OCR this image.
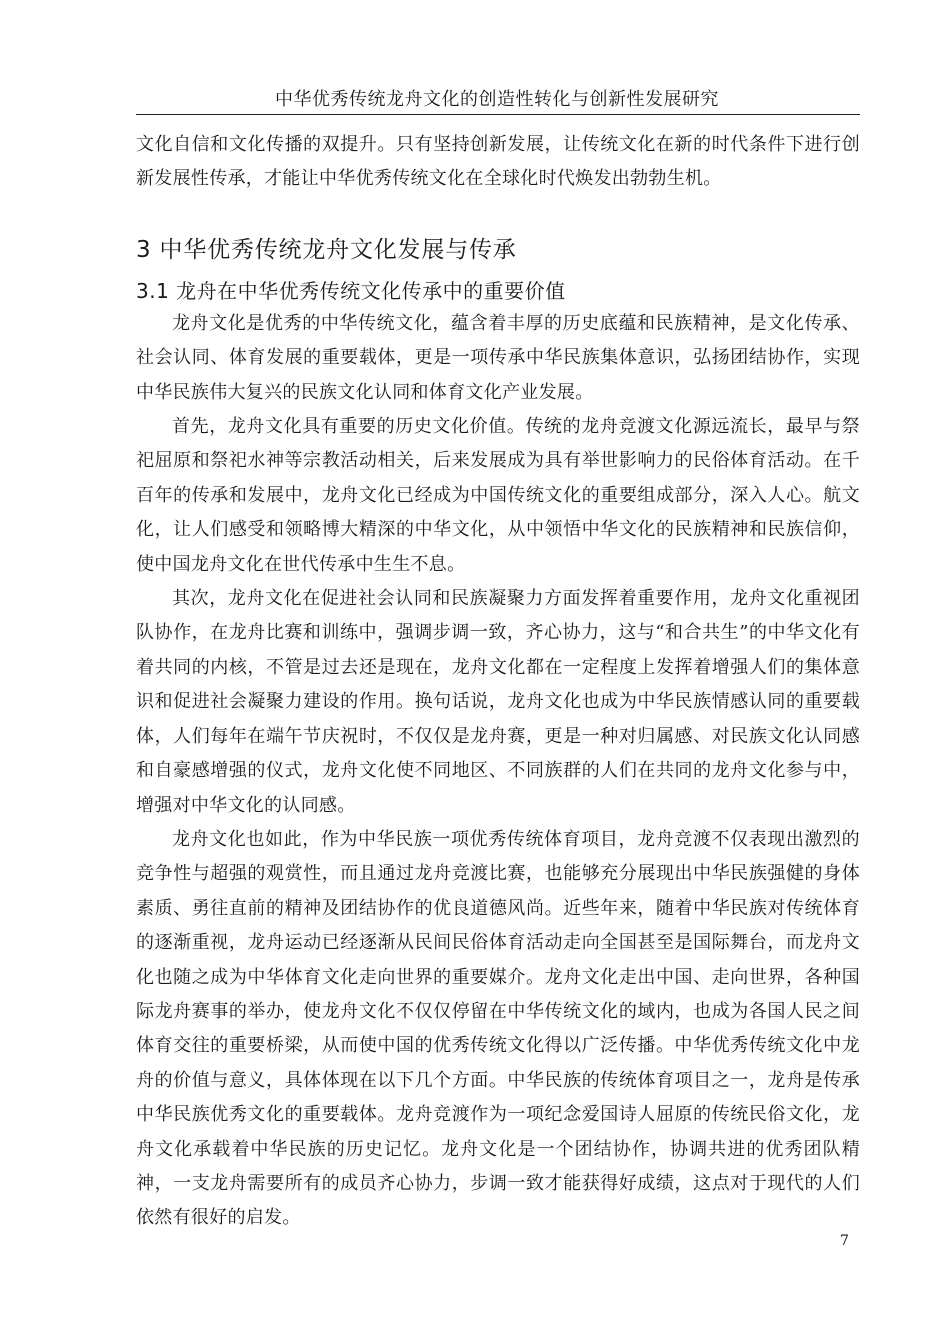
中华优秀传统龙舟文化的创造性转化与创新性发展研究

文化自信和文化传播的双提升。只有坚持创新发展，让传统文化在新的时代条件下进行创新发展性传承，才能让中华优秀传统文化在全球化时代焕发出勃勃生机。

3 中华优秀传统龙舟文化发展与传承
3.1 龙舟在中华优秀传统文化传承中的重要价值

龙舟文化是优秀的中华传统文化，蕴含着丰厚的历史底蕴和民族精神，是文化传承、社会认同、体育发展的重要载体，更是一项传承中华民族集体意识，弘扬团结协作，实现中华民族伟大复兴的民族文化认同和体育文化产业发展。

首先，龙舟文化具有重要的历史文化价值。传统的龙舟竞渡文化源远流长，最早与祭祀屈原和祭祀水神等宗教活动相关，后来发展成为具有举世影响力的民俗体育活动。在千百年的传承和发展中，龙舟文化已经成为中国传统文化的重要组成部分，深入人心。航文化，让人们感受和领略博大精深的中华文化，从中领悟中华文化的民族精神和民族信仰，使中国龙舟文化在世代传承中生生不息。

其次，龙舟文化在促进社会认同和民族凝聚力方面发挥着重要作用，龙舟文化重视团队协作，在龙舟比赛和训练中，强调步调一致，齐心协力，这与“和合共生”的中华文化有着共同的内核，不管是过去还是现在，龙舟文化都在一定程度上发挥着增强人们的集体意识和促进社会凝聚力建设的作用。换句话说，龙舟文化也成为中华民族情感认同的重要载体，人们每年在端午节庆祝时，不仅仅是龙舟赛，更是一种对归属感、对民族文化认同感和自豪感增强的仪式，龙舟文化使不同地区、不同族群的人们在共同的龙舟文化参与中，增强对中华文化的认同感。

龙舟文化也如此，作为中华民族一项优秀传统体育项目，龙舟竞渡不仅表现出激烈的竞争性与超强的观赏性，而且通过龙舟竞渡比赛，也能够充分展现出中华民族强健的身体素质、勇往直前的精神及团结协作的优良道德风尚。近些年来，随着中华民族对传统体育的逐渐重视，龙舟运动已经逐渐从民间民俗体育活动走向全国甚至是国际舞台，而龙舟文化也随之成为中华体育文化走向世界的重要媒介。龙舟文化走出中国、走向世界，各种国际龙舟赛事的举办，使龙舟文化不仅仅停留在中华传统文化的域内，也成为各国人民之间体育交往的重要桥梁，从而使中国的优秀传统文化得以广泛传播。中华优秀传统文化中龙舟的价值与意义，具体体现在以下几个方面。中华民族的传统体育项目之一，龙舟是传承中华民族优秀文化的重要载体。龙舟竞渡作为一项纪念爱国诗人屈原的传统民俗文化，龙舟文化承载着中华民族的历史记忆。龙舟文化是一个团结协作，协调共进的优秀团队精神，一支龙舟需要所有的成员齐心协力，步调一致才能获得好成绩，这点对于现代的人们依然有很好的启发。

7
